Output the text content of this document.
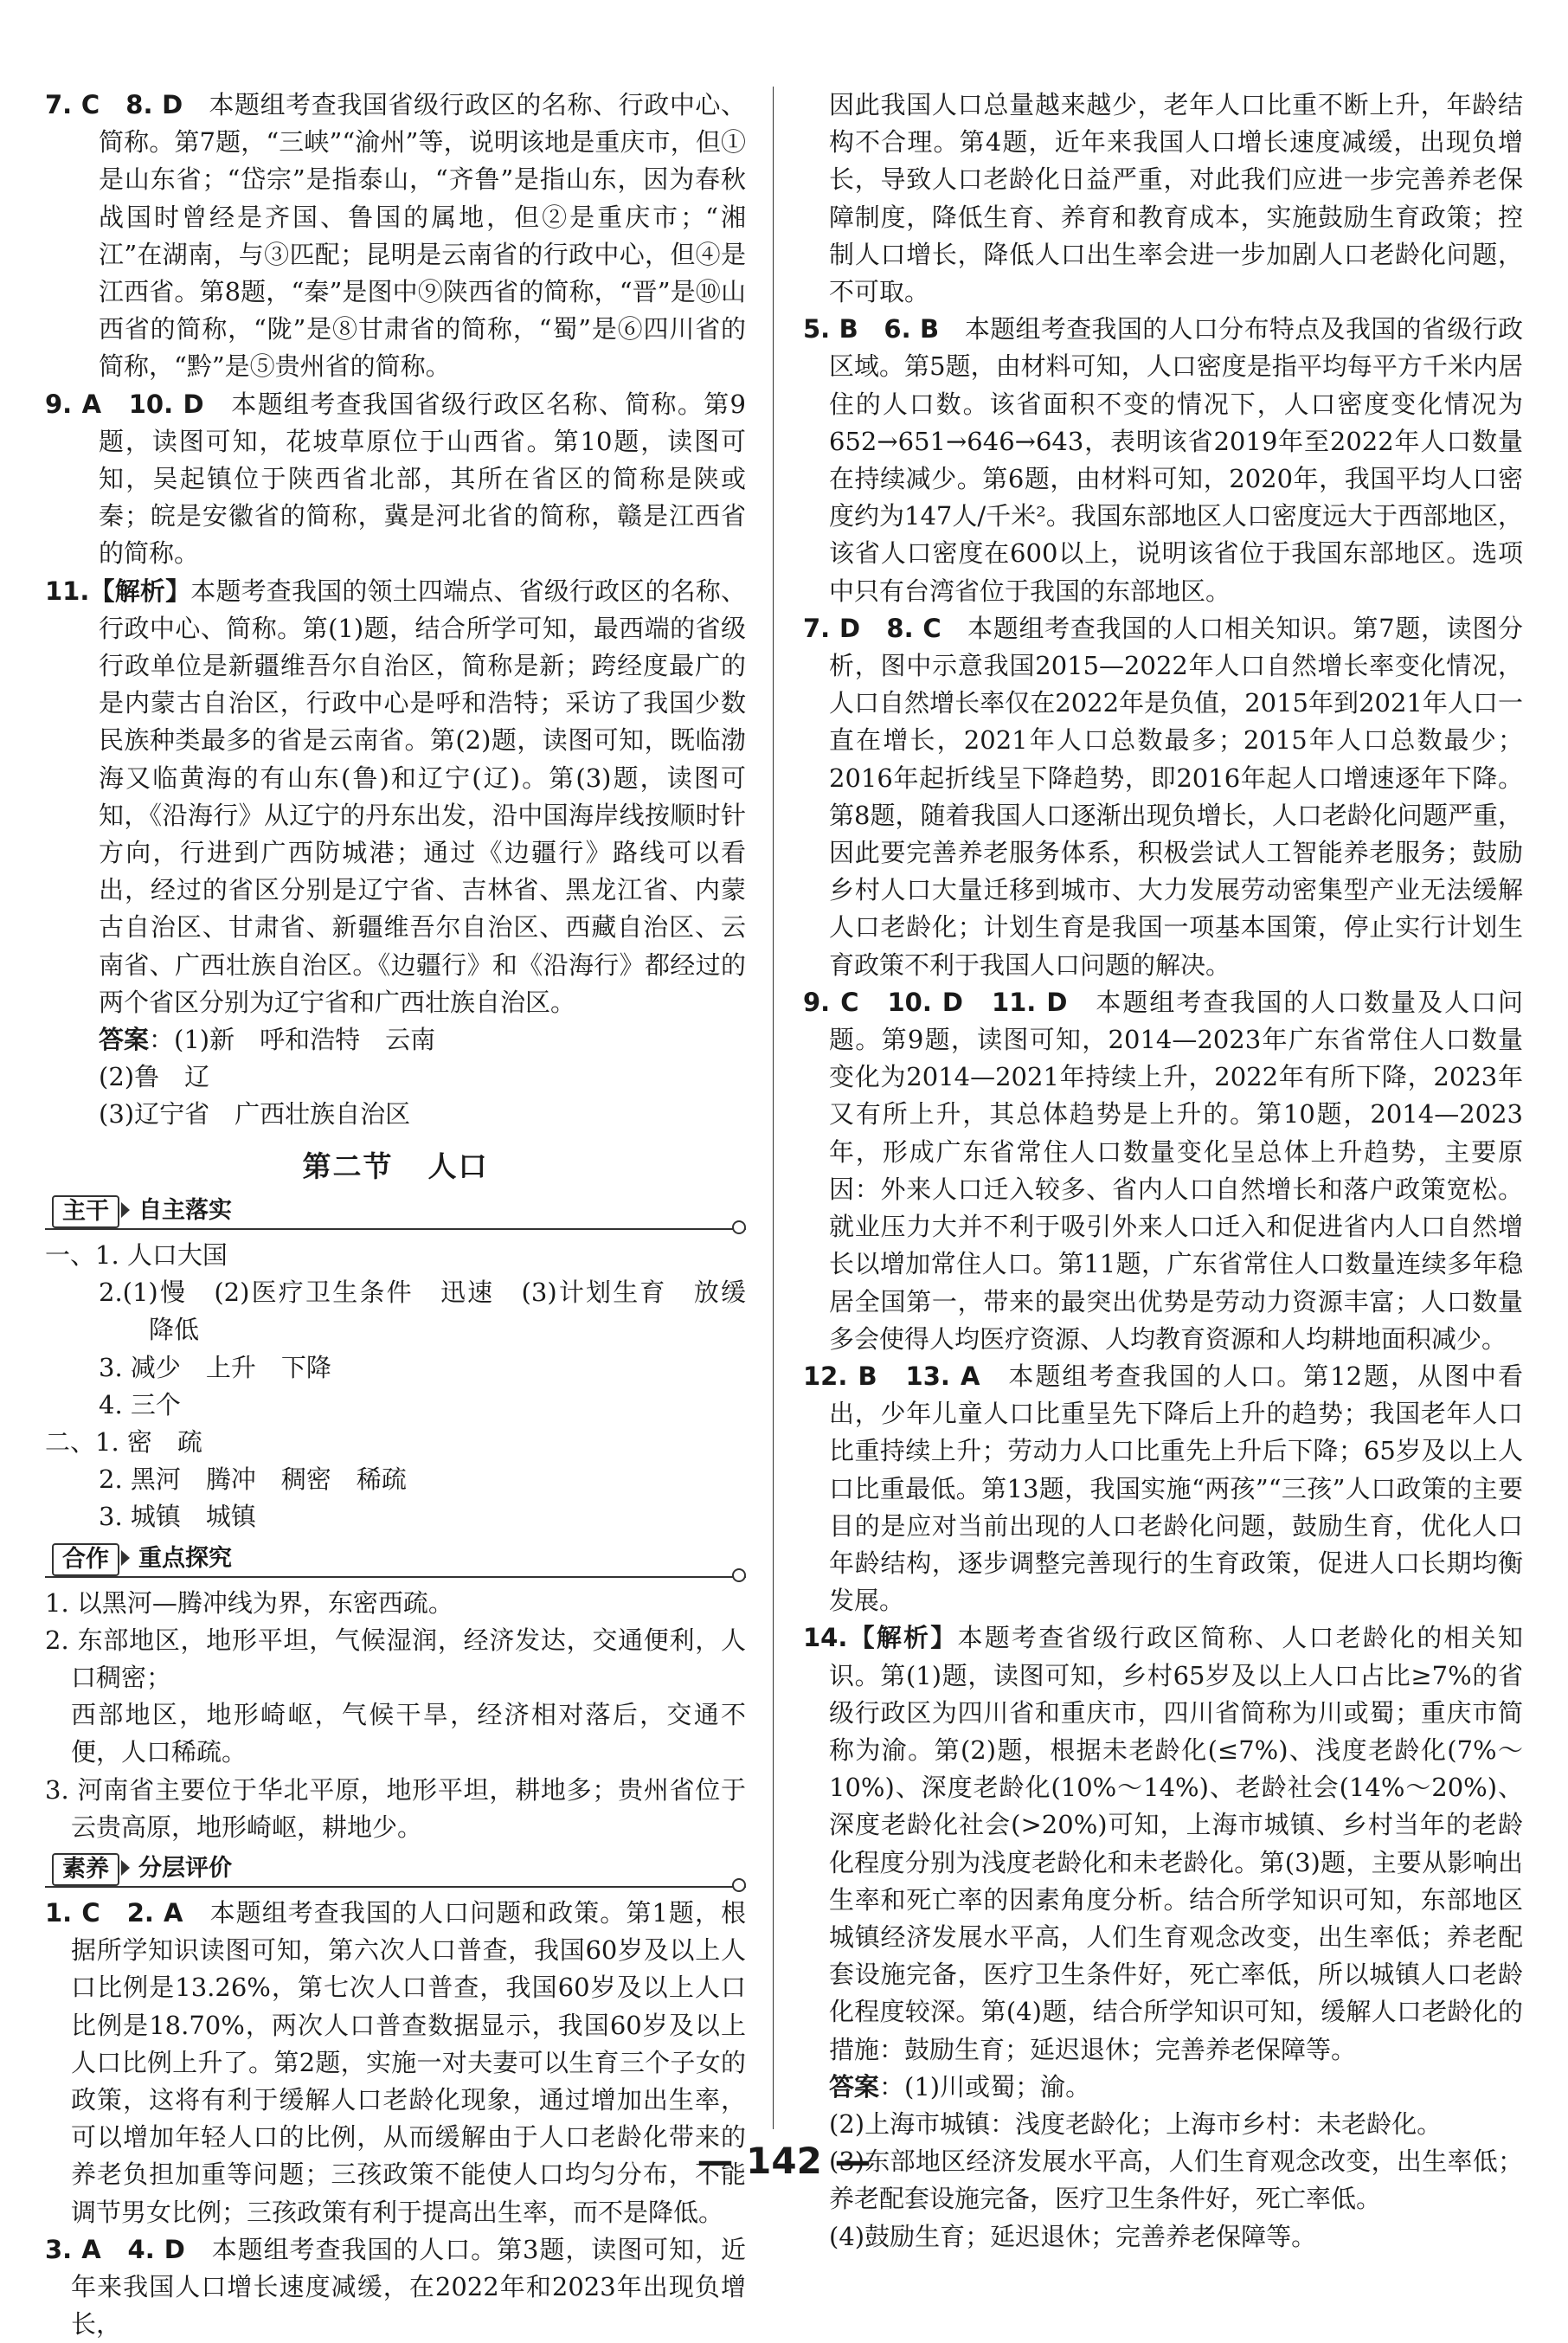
7. C　8. D　本题组考查我国省级行政区的名称、行政中心、简称。第7题，“三峡”“渝州”等，说明该地是重庆市，但①是山东省；“岱宗”是指泰山，“齐鲁”是指山东，因为春秋战国时曾经是齐国、鲁国的属地，但②是重庆市；“湘江”在湖南，与③匹配；昆明是云南省的行政中心，但④是江西省。第8题，“秦”是图中⑨陕西省的简称，“晋”是⑩山西省的简称，“陇”是⑧甘肃省的简称，“蜀”是⑥四川省的简称，“黔”是⑤贵州省的简称。

9. A　10. D　本题组考查我国省级行政区名称、简称。第9题，读图可知，花坡草原位于山西省。第10题，读图可知，吴起镇位于陕西省北部，其所在省区的简称是陕或秦；皖是安徽省的简称，冀是河北省的简称，赣是江西省的简称。

11.【解析】本题考查我国的领土四端点、省级行政区的名称、行政中心、简称。第(1)题，结合所学可知，最西端的省级行政单位是新疆维吾尔自治区，简称是新；跨经度最广的是内蒙古自治区，行政中心是呼和浩特；采访了我国少数民族种类最多的省是云南省。第(2)题，读图可知，既临渤海又临黄海的有山东(鲁)和辽宁(辽)。第(3)题，读图可知，《沿海行》从辽宁的丹东出发，沿中国海岸线按顺时针方向，行进到广西防城港；通过《边疆行》路线可以看出，经过的省区分别是辽宁省、吉林省、黑龙江省、内蒙古自治区、甘肃省、新疆维吾尔自治区、西藏自治区、云南省、广西壮族自治区。《边疆行》和《沿海行》都经过的两个省区分别为辽宁省和广西壮族自治区。

答案：(1)新　呼和浩特　云南

(2)鲁　辽

(3)辽宁省　广西壮族自治区

第二节 人口
主干	自主落实

一、1. 人口大国

2.(1)慢　(2)医疗卫生条件　迅速　(3)计划生育　放缓　降低

3. 减少　上升　下降

4. 三个

二、1. 密　疏

2. 黑河　腾冲　稠密　稀疏

3. 城镇　城镇

合作	重点探究

1. 以黑河—腾冲线为界，东密西疏。

2. 东部地区，地形平坦，气候湿润，经济发达，交通便利，人口稠密；

西部地区，地形崎岖，气候干旱，经济相对落后，交通不便，人口稀疏。

3. 河南省主要位于华北平原，地形平坦，耕地多；贵州省位于云贵高原，地形崎岖，耕地少。

素养	分层评价

1. C　2. A　本题组考查我国的人口问题和政策。第1题，根据所学知识读图可知，第六次人口普查，我国60岁及以上人口比例是13.26%，第七次人口普查，我国60岁及以上人口比例是18.70%，两次人口普查数据显示，我国60岁及以上人口比例上升了。第2题，实施一对夫妻可以生育三个子女的政策，这将有利于缓解人口老龄化现象，通过增加出生率，可以增加年轻人口的比例，从而缓解由于人口老龄化带来的养老负担加重等问题；三孩政策不能使人口均匀分布，不能调节男女比例；三孩政策有利于提高出生率，而不是降低。

3. A　4. D　本题组考查我国的人口。第3题，读图可知，近年来我国人口增长速度减缓，在2022年和2023年出现负增长，

因此我国人口总量越来越少，老年人口比重不断上升，年龄结构不合理。第4题，近年来我国人口增长速度减缓，出现负增长，导致人口老龄化日益严重，对此我们应进一步完善养老保障制度，降低生育、养育和教育成本，实施鼓励生育政策；控制人口增长，降低人口出生率会进一步加剧人口老龄化问题，不可取。

5. B　6. B　本题组考查我国的人口分布特点及我国的省级行政区域。第5题，由材料可知，人口密度是指平均每平方千米内居住的人口数。该省面积不变的情况下，人口密度变化情况为652→651→646→643，表明该省2019年至2022年人口数量在持续减少。第6题，由材料可知，2020年，我国平均人口密度约为147人/千米²。我国东部地区人口密度远大于西部地区，该省人口密度在600以上，说明该省位于我国东部地区。选项中只有台湾省位于我国的东部地区。

7. D　8. C　本题组考查我国的人口相关知识。第7题，读图分析，图中示意我国2015—2022年人口自然增长率变化情况，人口自然增长率仅在2022年是负值，2015年到2021年人口一直在增长，2021年人口总数最多；2015年人口总数最少；2016年起折线呈下降趋势，即2016年起人口增速逐年下降。第8题，随着我国人口逐渐出现负增长，人口老龄化问题严重，因此要完善养老服务体系，积极尝试人工智能养老服务；鼓励乡村人口大量迁移到城市、大力发展劳动密集型产业无法缓解人口老龄化；计划生育是我国一项基本国策，停止实行计划生育政策不利于我国人口问题的解决。

9. C　10. D　11. D　本题组考查我国的人口数量及人口问题。第9题，读图可知，2014—2023年广东省常住人口数量变化为2014—2021年持续上升，2022年有所下降，2023年又有所上升，其总体趋势是上升的。第10题，2014—2023年，形成广东省常住人口数量变化呈总体上升趋势，主要原因：外来人口迁入较多、省内人口自然增长和落户政策宽松。就业压力大并不利于吸引外来人口迁入和促进省内人口自然增长以增加常住人口。第11题，广东省常住人口数量连续多年稳居全国第一，带来的最突出优势是劳动力资源丰富；人口数量多会使得人均医疗资源、人均教育资源和人均耕地面积减少。

12. B　13. A　本题组考查我国的人口。第12题，从图中看出，少年儿童人口比重呈先下降后上升的趋势；我国老年人口比重持续上升；劳动力人口比重先上升后下降；65岁及以上人口比重最低。第13题，我国实施“两孩”“三孩”人口政策的主要目的是应对当前出现的人口老龄化问题，鼓励生育，优化人口年龄结构，逐步调整完善现行的生育政策，促进人口长期均衡发展。

14.【解析】本题考查省级行政区简称、人口老龄化的相关知识。第(1)题，读图可知，乡村65岁及以上人口占比≥7%的省级行政区为四川省和重庆市，四川省简称为川或蜀；重庆市简称为渝。第(2)题，根据未老龄化(≤7%)、浅度老龄化(7%～10%)、深度老龄化(10%～14%)、老龄社会(14%～20%)、深度老龄化社会(>20%)可知，上海市城镇、乡村当年的老龄化程度分别为浅度老龄化和未老龄化。第(3)题，主要从影响出生率和死亡率的因素角度分析。结合所学知识可知，东部地区城镇经济发展水平高，人们生育观念改变，出生率低；养老配套设施完备，医疗卫生条件好，死亡率低，所以城镇人口老龄化程度较深。第(4)题，结合所学知识可知，缓解人口老龄化的措施：鼓励生育；延迟退休；完善养老保障等。

答案：(1)川或蜀；渝。

(2)上海市城镇：浅度老龄化；上海市乡村：未老龄化。

(3)东部地区经济发展水平高，人们生育观念改变，出生率低；养老配套设施完备，医疗卫生条件好，死亡率低。

(4)鼓励生育；延迟退休；完善养老保障等。

— 142 —
